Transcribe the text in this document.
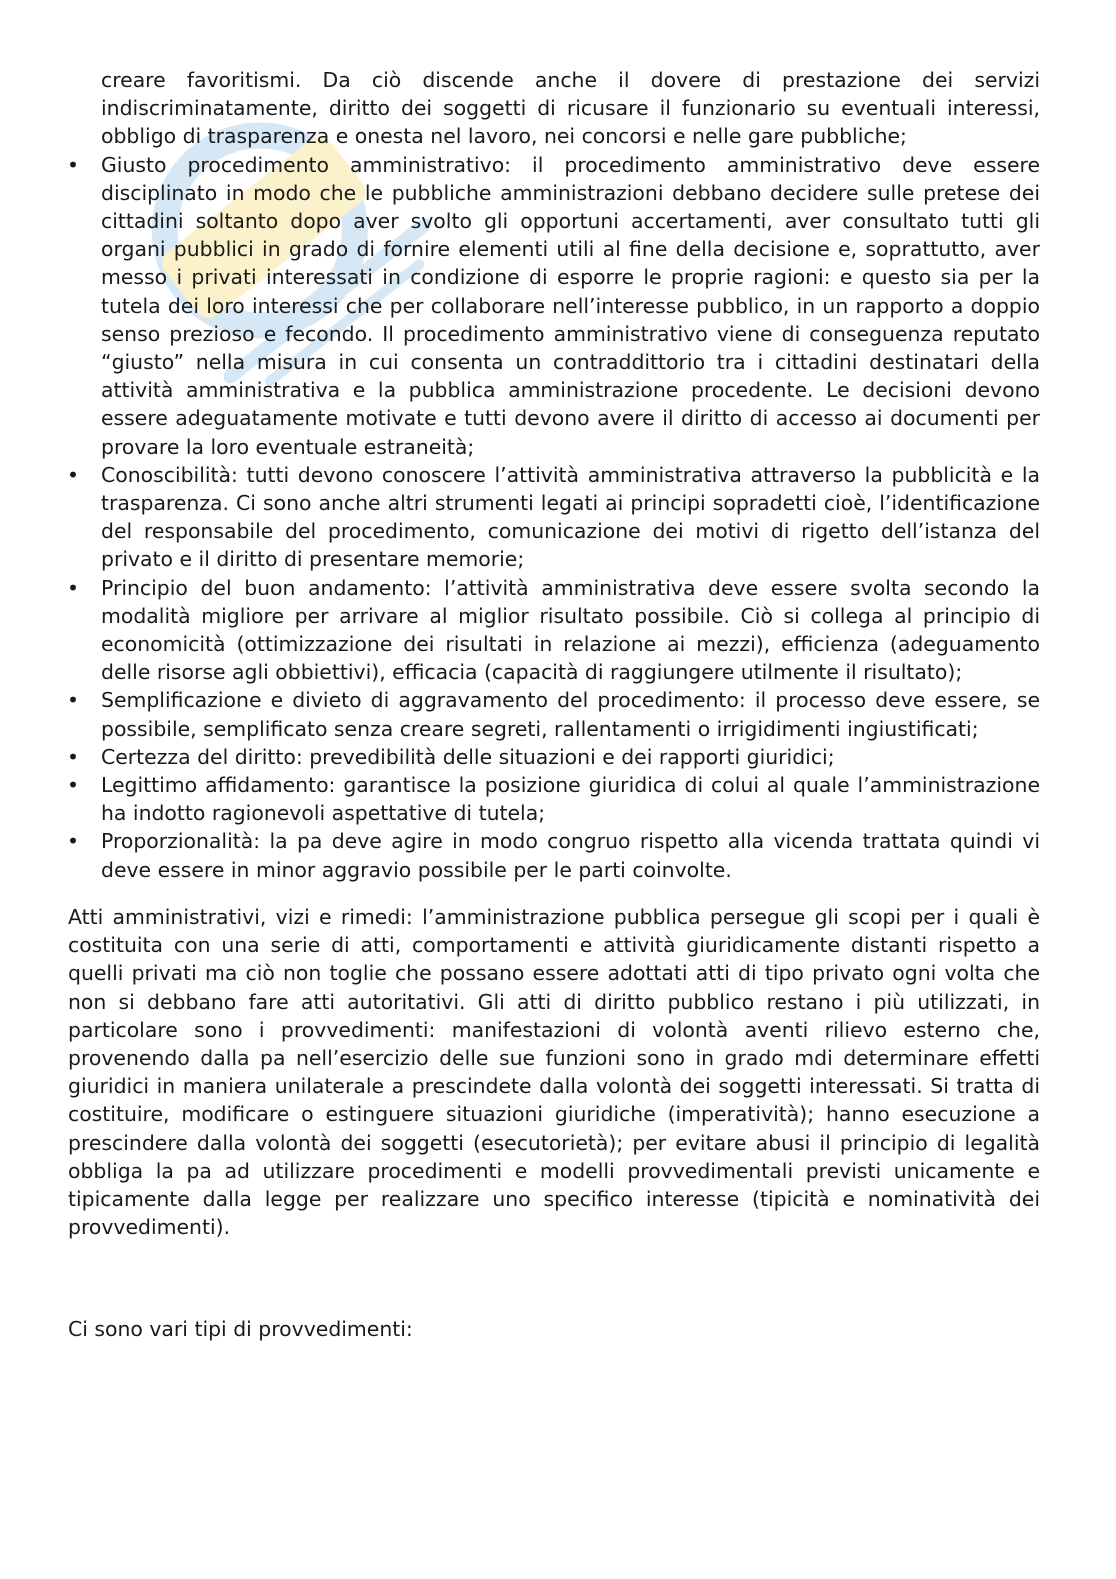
creare favoritismi. Da ciò discende anche il dovere di prestazione dei servizi indiscriminatamente, diritto dei soggetti di ricusare il funzionario su eventuali interessi, obbligo di trasparenza e onesta nel lavoro, nei concorsi e nelle gare pubbliche;

• Giusto procedimento amministrativo: il procedimento amministrativo deve essere disciplinato in modo che le pubbliche amministrazioni debbano decidere sulle pretese dei cittadini soltanto dopo aver svolto gli opportuni accertamenti, aver consultato tutti gli organi pubblici in grado di fornire elementi utili al fine della decisione e, soprattutto, aver messo i privati interessati in condizione di esporre le proprie ragioni: e questo sia per la tutela dei loro interessi che per collaborare nell’interesse pubblico, in un rapporto a doppio senso prezioso e fecondo. Il procedimento amministrativo viene di conseguenza reputato “giusto” nella misura in cui consenta un contraddittorio tra i cittadini destinatari della attività amministrativa e la pubblica amministrazione procedente. Le decisioni devono essere adeguatamente motivate e tutti devono avere il diritto di accesso ai documenti per provare la loro eventuale estraneità;
• Conoscibilità: tutti devono conoscere l’attività amministrativa attraverso la pubblicità e la trasparenza. Ci sono anche altri strumenti legati ai principi sopradetti cioè, l’identificazione del responsabile del procedimento, comunicazione dei motivi di rigetto dell’istanza del privato e il diritto di presentare memorie;
• Principio del buon andamento: l’attività amministrativa deve essere svolta secondo la modalità migliore per arrivare al miglior risultato possibile. Ciò si collega al principio di economicità (ottimizzazione dei risultati in relazione ai mezzi), efficienza (adeguamento delle risorse agli obbiettivi), efficacia (capacità di raggiungere utilmente il risultato);
• Semplificazione e divieto di aggravamento del procedimento: il processo deve essere, se possibile, semplificato senza creare segreti, rallentamenti o irrigidimenti ingiustificati;
• Certezza del diritto: prevedibilità delle situazioni e dei rapporti giuridici;
• Legittimo affidamento: garantisce la posizione giuridica di colui al quale l’amministrazione ha indotto ragionevoli aspettative di tutela;
• Proporzionalità: la pa deve agire in modo congruo rispetto alla vicenda trattata quindi vi deve essere in minor aggravio possibile per le parti coinvolte.

Atti amministrativi, vizi e rimedi: l’amministrazione pubblica persegue gli scopi per i quali è costituita con una serie di atti, comportamenti e attività giuridicamente distanti rispetto a quelli privati ma ciò non toglie che possano essere adottati atti di tipo privato ogni volta che non si debbano fare atti autoritativi. Gli atti di diritto pubblico restano i più utilizzati, in particolare sono i provvedimenti: manifestazioni di volontà aventi rilievo esterno che, provenendo dalla pa nell’esercizio delle sue funzioni sono in grado mdi determinare effetti giuridici in maniera unilaterale a prescindete dalla volontà dei soggetti interessati. Si tratta di costituire, modificare o estinguere situazioni giuridiche (imperatività); hanno esecuzione a prescindere dalla volontà dei soggetti (esecutorietà); per evitare abusi il principio di legalità obbliga la pa ad utilizzare procedimenti e modelli provvedimentali previsti unicamente e tipicamente dalla legge per realizzare uno specifico interesse (tipicità e nominatività dei provvedimenti).

Ci sono vari tipi di provvedimenti:
